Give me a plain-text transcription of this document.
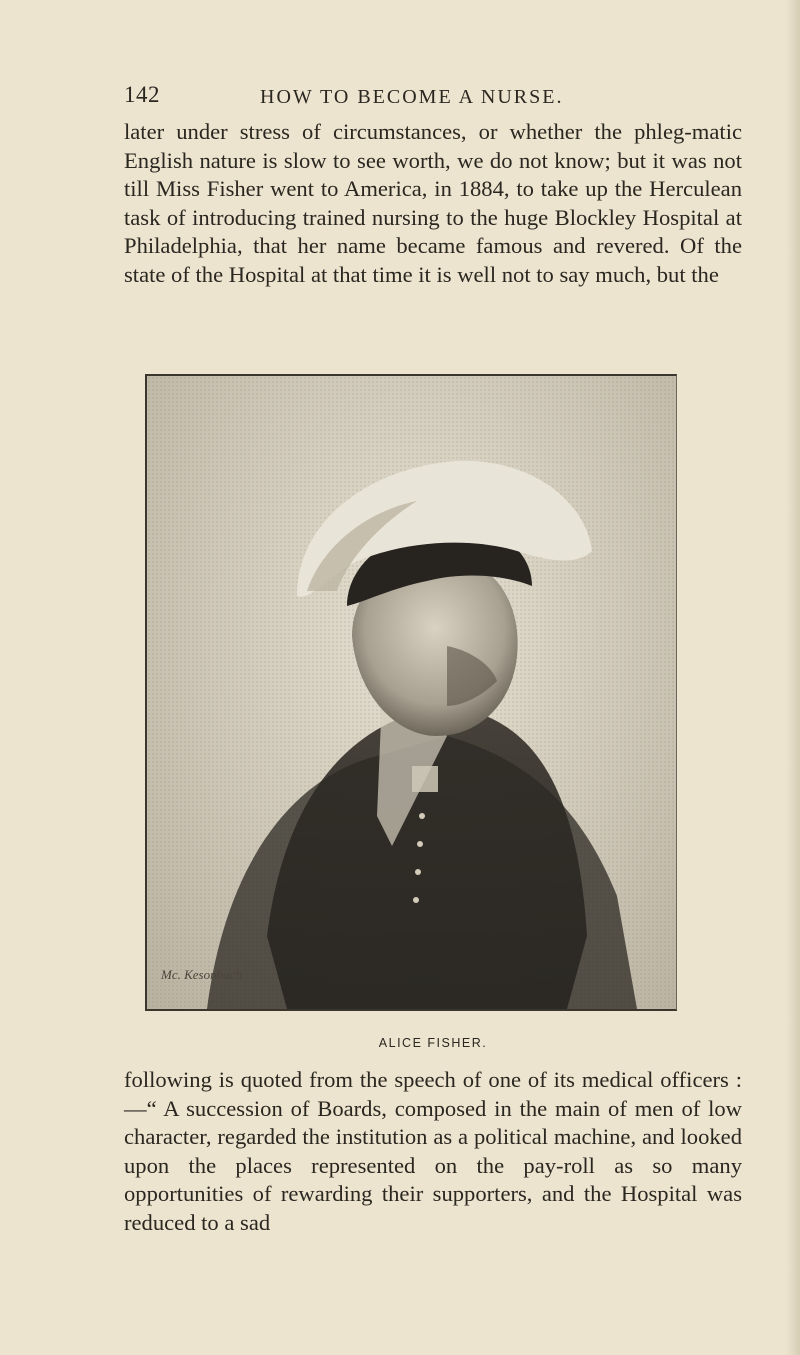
142	HOW TO BECOME A NURSE.

later under stress of circumstances, or whether the phleg-matic English nature is slow to see worth, we do not know; but it was not till Miss Fisher went to America, in 1884, to take up the Herculean task of introducing trained nursing to the huge Blockley Hospital at Philadelphia, that her name became famous and revered. Of the state of the Hospital at that time it is well not to say much, but the

Mc. Kesonbach
ALICE FISHER.

following is quoted from the speech of one of its medical officers :—“ A succession of Boards, composed in the main of men of low character, regarded the institution as a political machine, and looked upon the places represented on the pay-roll as so many opportunities of rewarding their supporters, and the Hospital was reduced to a sad
